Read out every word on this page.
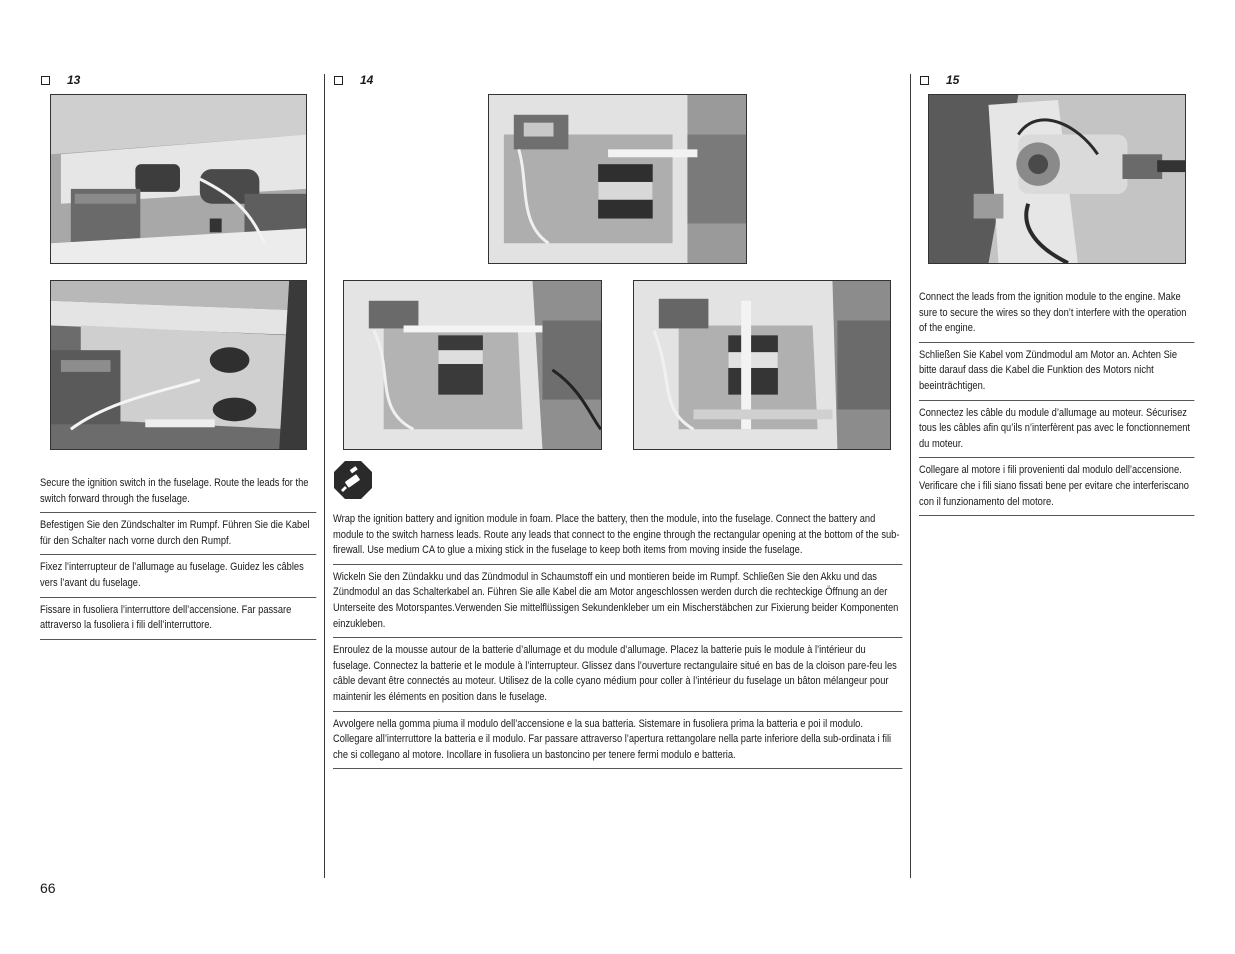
13
Secure the ignition switch in the fuselage. Route the leads for the switch forward through the fuselage.
Befestigen Sie den Zündschalter im Rumpf. Führen Sie die Kabel für den Schalter nach vorne durch den Rumpf.
Fixez l’interrupteur de l’allumage au fuselage. Guidez les câbles vers l’avant du fuselage.
Fissare in fusoliera l’interruttore dell’accensione. Far passare attraverso la fusoliera i fili dell’interruttore.
14
Wrap the ignition battery and ignition module in foam. Place the battery, then the module, into the fuselage. Connect the battery and module to the switch harness leads. Route any leads that connect to the engine through the rectangular opening at the bottom of the sub-firewall. Use medium CA to glue a mixing stick in the fuselage to keep both items from moving inside the fuselage.
Wickeln Sie den Zündakku und das Zündmodul in Schaumstoff ein und montieren beide im Rumpf. Schließen Sie den Akku und das Zündmodul an das Schalterkabel an. Führen Sie alle Kabel die am Motor angeschlossen werden durch die rechteckige Öffnung an der Unterseite des Motorspantes.Verwenden Sie mittelflüssigen Sekundenkleber um ein Mischerstäbchen zur Fixierung beider Komponenten einzukleben.
Enroulez de la mousse autour de la batterie d’allumage et du module d’allumage. Placez la batterie puis le module à l’intérieur du fuselage. Connectez la batterie et le module à l’interrupteur. Glissez dans l’ouverture rectangulaire situé en bas de la cloison pare-feu les câble devant être connectés au moteur. Utilisez de la colle cyano médium pour coller à l’intérieur du fuselage un bâton mélangeur pour maintenir les éléments en position dans le fuselage.
Avvolgere nella gomma piuma il modulo dell’accensione e la sua batteria. Sistemare in fusoliera prima la batteria e poi il modulo. Collegare all’interruttore la batteria e il modulo. Far passare attraverso l’apertura rettangolare nella parte inferiore della sub-ordinata i fili che si collegano al motore. Incollare in fusoliera un bastoncino per tenere fermi modulo e batteria.
15
Connect the leads from the ignition module to the engine. Make sure to secure the wires so they don’t interfere with the operation of the engine.
Schließen Sie Kabel vom Zündmodul am Motor an. Achten Sie bitte darauf dass die Kabel die Funktion des Motors nicht beeinträchtigen.
Connectez les câble du module d’allumage au moteur. Sécurisez tous les câbles afin qu’ils n’interfèrent pas avec le fonctionnement du moteur.
Collegare al motore i fili provenienti dal modulo dell’accensione. Verificare che i fili siano fissati bene per evitare che interferiscano con il funzionamento del motore.
66
